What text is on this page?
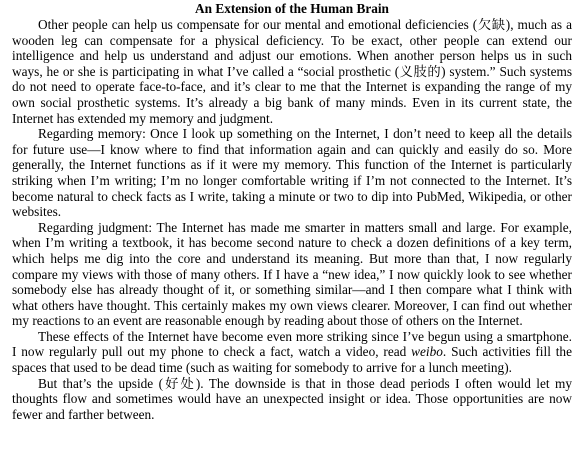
An Extension of the Human Brain

Other people can help us compensate for our mental and emotional deficiencies (欠缺), much as a wooden leg can compensate for a physical deficiency. To be exact, other people can extend our intelligence and help us understand and adjust our emotions. When another person helps us in such ways, he or she is participating in what I’ve called a “social prosthetic (义肢的) system.” Such systems do not need to operate face-to-face, and it’s clear to me that the Internet is expanding the range of my own social prosthetic systems. It’s already a big bank of many minds. Even in its current state, the Internet has extended my memory and judgment.

Regarding memory: Once I look up something on the Internet, I don’t need to keep all the details for future use—I know where to find that information again and can quickly and easily do so. More generally, the Internet functions as if it were my memory. This function of the Internet is particularly striking when I’m writing; I’m no longer comfortable writing if I’m not connected to the Internet. It’s become natural to check facts as I write, taking a minute or two to dip into PubMed, Wikipedia, or other websites.

Regarding judgment: The Internet has made me smarter in matters small and large. For example, when I’m writing a textbook, it has become second nature to check a dozen definitions of a key term, which helps me dig into the core and understand its meaning. But more than that, I now regularly compare my views with those of many others. If I have a “new idea,” I now quickly look to see whether somebody else has already thought of it, or something similar—and I then compare what I think with what others have thought. This certainly makes my own views clearer. Moreover, I can find out whether my reactions to an event are reasonable enough by reading about those of others on the Internet.

These effects of the Internet have become even more striking since I’ve begun using a smartphone. I now regularly pull out my phone to check a fact, watch a video, read weibo. Such activities fill the spaces that used to be dead time (such as waiting for somebody to arrive for a lunch meeting).

But that’s the upside (好处). The downside is that in those dead periods I often would let my thoughts flow and sometimes would have an unexpected insight or idea. Those opportunities are now fewer and farther between.
